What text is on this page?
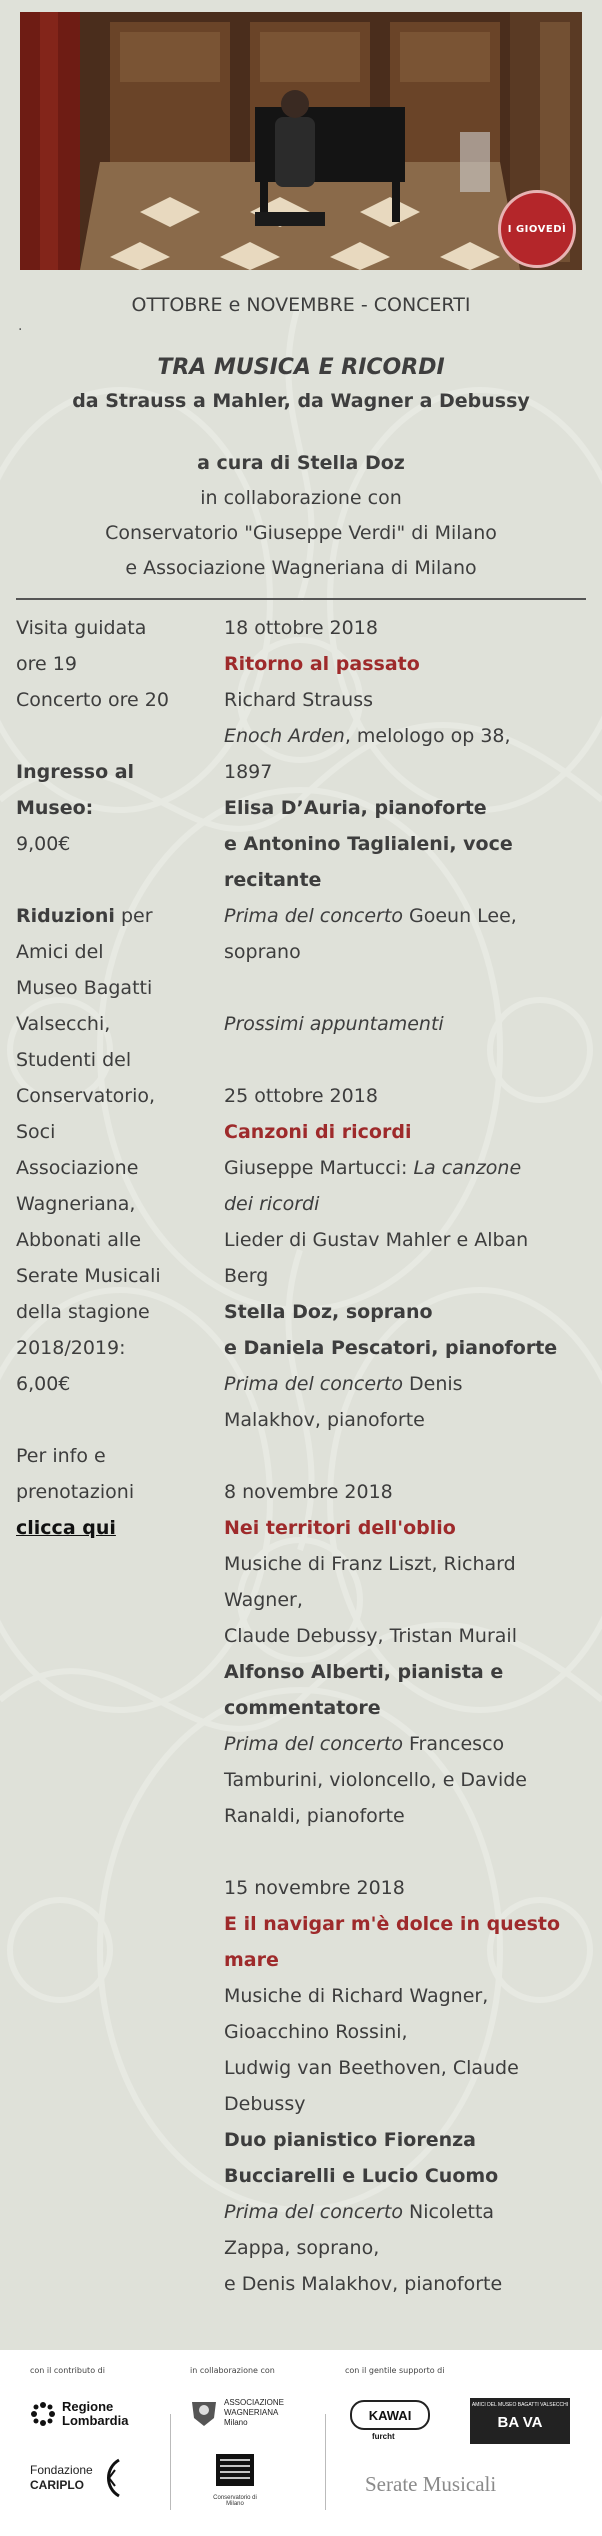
I GIOVEDÌ
OTTOBRE e NOVEMBRE - CONCERTI
.
TRA MUSICA E RICORDI
da Strauss a Mahler, da Wagner a Debussy
a cura di Stella Doz
in collaborazione con
Conservatorio "Giuseppe Verdi" di Milano
e Associazione Wagneriana di Milano

Visita guidata

ore 19

Concerto ore 20

Ingresso al

Museo:

9,00€

Riduzioni per

Amici del

Museo Bagatti

Valsecchi,

Studenti del

Conservatorio,

Soci

Associazione

Wagneriana,

Abbonati alle

Serate Musicali

della stagione

2018/2019:

6,00€

Per info e

prenotazioni

clicca qui

18 ottobre 2018

Ritorno al passato

Richard Strauss

Enoch Arden, melologo op 38,

1897

Elisa D’Auria, pianoforte

e Antonino Taglialeni, voce

recitante

Prima del concerto Goeun Lee,

soprano

Prossimi appuntamenti

25 ottobre 2018

Canzoni di ricordi

Giuseppe Martucci: La canzone

dei ricordi

Lieder di Gustav Mahler e Alban

Berg

Stella Doz, soprano

e Daniela Pescatori, pianoforte

Prima del concerto Denis

Malakhov, pianoforte

8 novembre 2018

Nei territori dell'oblio

Musiche di Franz Liszt, Richard

Wagner,

Claude Debussy, Tristan Murail

Alfonso Alberti, pianista e

commentatore

Prima del concerto Francesco

Tamburini, violoncello, e Davide

Ranaldi, pianoforte

15 novembre 2018

E il navigar m'è dolce in questo

mare

Musiche di Richard Wagner,

Gioacchino Rossini,

Ludwig van Beethoven, Claude

Debussy

Duo pianistico Fiorenza

Bucciarelli e Lucio Cuomo

Prima del concerto Nicoletta

Zappa, soprano,

e Denis Malakhov, pianoforte

con il contributo di	in collaborazione con	con il gentile supporto di
Regione
Lombardia
Fondazione
CARIPLO
ASSOCIAZIONE
WAGNERIANA
Milano
Conservatorio di Milano
KAWAI
furcht
AMICI DEL MUSEO BAGATTI VALSECCHI
BA VA
Serate Musicali
